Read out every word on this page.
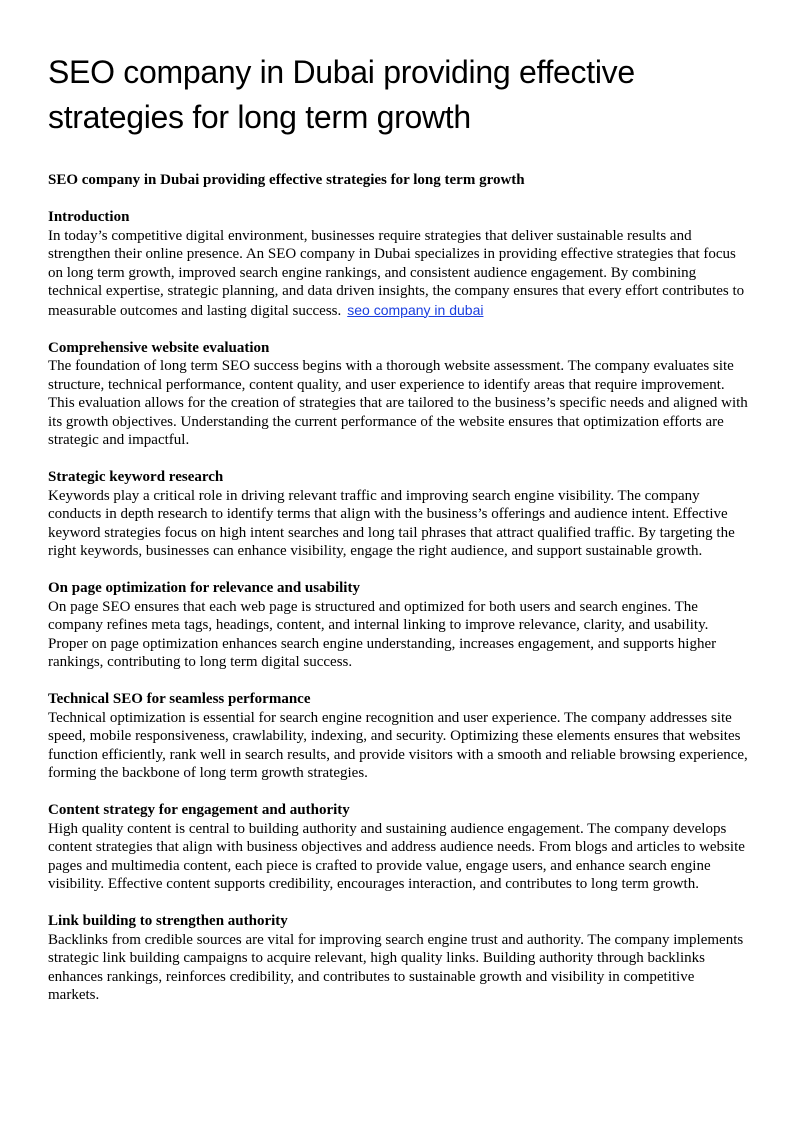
SEO company in Dubai providing effective strategies for long term growth

SEO company in Dubai providing effective strategies for long term growth

Introduction

In today’s competitive digital environment, businesses require strategies that deliver sustainable results and strengthen their online presence. An SEO company in Dubai specializes in providing effective strategies that focus on long term growth, improved search engine rankings, and consistent audience engagement. By combining technical expertise, strategic planning, and data driven insights, the company ensures that every effort contributes to measurable outcomes and lasting digital success. seo company in dubai

Comprehensive website evaluation

The foundation of long term SEO success begins with a thorough website assessment. The company evaluates site structure, technical performance, content quality, and user experience to identify areas that require improvement. This evaluation allows for the creation of strategies that are tailored to the business’s specific needs and aligned with its growth objectives. Understanding the current performance of the website ensures that optimization efforts are strategic and impactful.

Strategic keyword research

Keywords play a critical role in driving relevant traffic and improving search engine visibility. The company conducts in depth research to identify terms that align with the business’s offerings and audience intent. Effective keyword strategies focus on high intent searches and long tail phrases that attract qualified traffic. By targeting the right keywords, businesses can enhance visibility, engage the right audience, and support sustainable growth.

On page optimization for relevance and usability

On page SEO ensures that each web page is structured and optimized for both users and search engines. The company refines meta tags, headings, content, and internal linking to improve relevance, clarity, and usability. Proper on page optimization enhances search engine understanding, increases engagement, and supports higher rankings, contributing to long term digital success.

Technical SEO for seamless performance

Technical optimization is essential for search engine recognition and user experience. The company addresses site speed, mobile responsiveness, crawlability, indexing, and security. Optimizing these elements ensures that websites function efficiently, rank well in search results, and provide visitors with a smooth and reliable browsing experience, forming the backbone of long term growth strategies.

Content strategy for engagement and authority

High quality content is central to building authority and sustaining audience engagement. The company develops content strategies that align with business objectives and address audience needs. From blogs and articles to website pages and multimedia content, each piece is crafted to provide value, engage users, and enhance search engine visibility. Effective content supports credibility, encourages interaction, and contributes to long term growth.

Link building to strengthen authority

Backlinks from credible sources are vital for improving search engine trust and authority. The company implements strategic link building campaigns to acquire relevant, high quality links. Building authority through backlinks enhances rankings, reinforces credibility, and contributes to sustainable growth and visibility in competitive markets.
